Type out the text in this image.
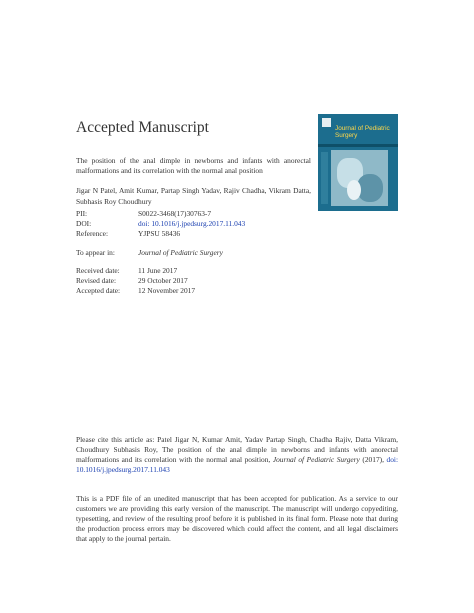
Accepted Manuscript
The position of the anal dimple in newborns and infants with anorectal malformations and its correlation with the normal anal position
Jigar N Patel, Amit Kumar, Partap Singh Yadav, Rajiv Chadha, Vikram Datta, Subhasis Roy Choudhury
Journal of Pediatric Surgery
PII:	S0022-3468(17)30763-7
DOI:	doi: 10.1016/j.jpedsurg.2017.11.043
Reference:	YJPSU 58436
To appear in:	Journal of Pediatric Surgery
Received date: 11 June 2017
Revised date:	29 October 2017
Accepted date: 12 November 2017
Please cite this article as: Patel Jigar N, Kumar Amit, Yadav Partap Singh, Chadha Rajiv, Datta Vikram, Choudhury Subhasis Roy, The position of the anal dimple in newborns and infants with anorectal malformations and its correlation with the normal anal position, Journal of Pediatric Surgery (2017), doi: 10.1016/j.jpedsurg.2017.11.043
This is a PDF file of an unedited manuscript that has been accepted for publication. As a service to our customers we are providing this early version of the manuscript. The manuscript will undergo copyediting, typesetting, and review of the resulting proof before it is published in its final form. Please note that during the production process errors may be discovered which could affect the content, and all legal disclaimers that apply to the journal pertain.
